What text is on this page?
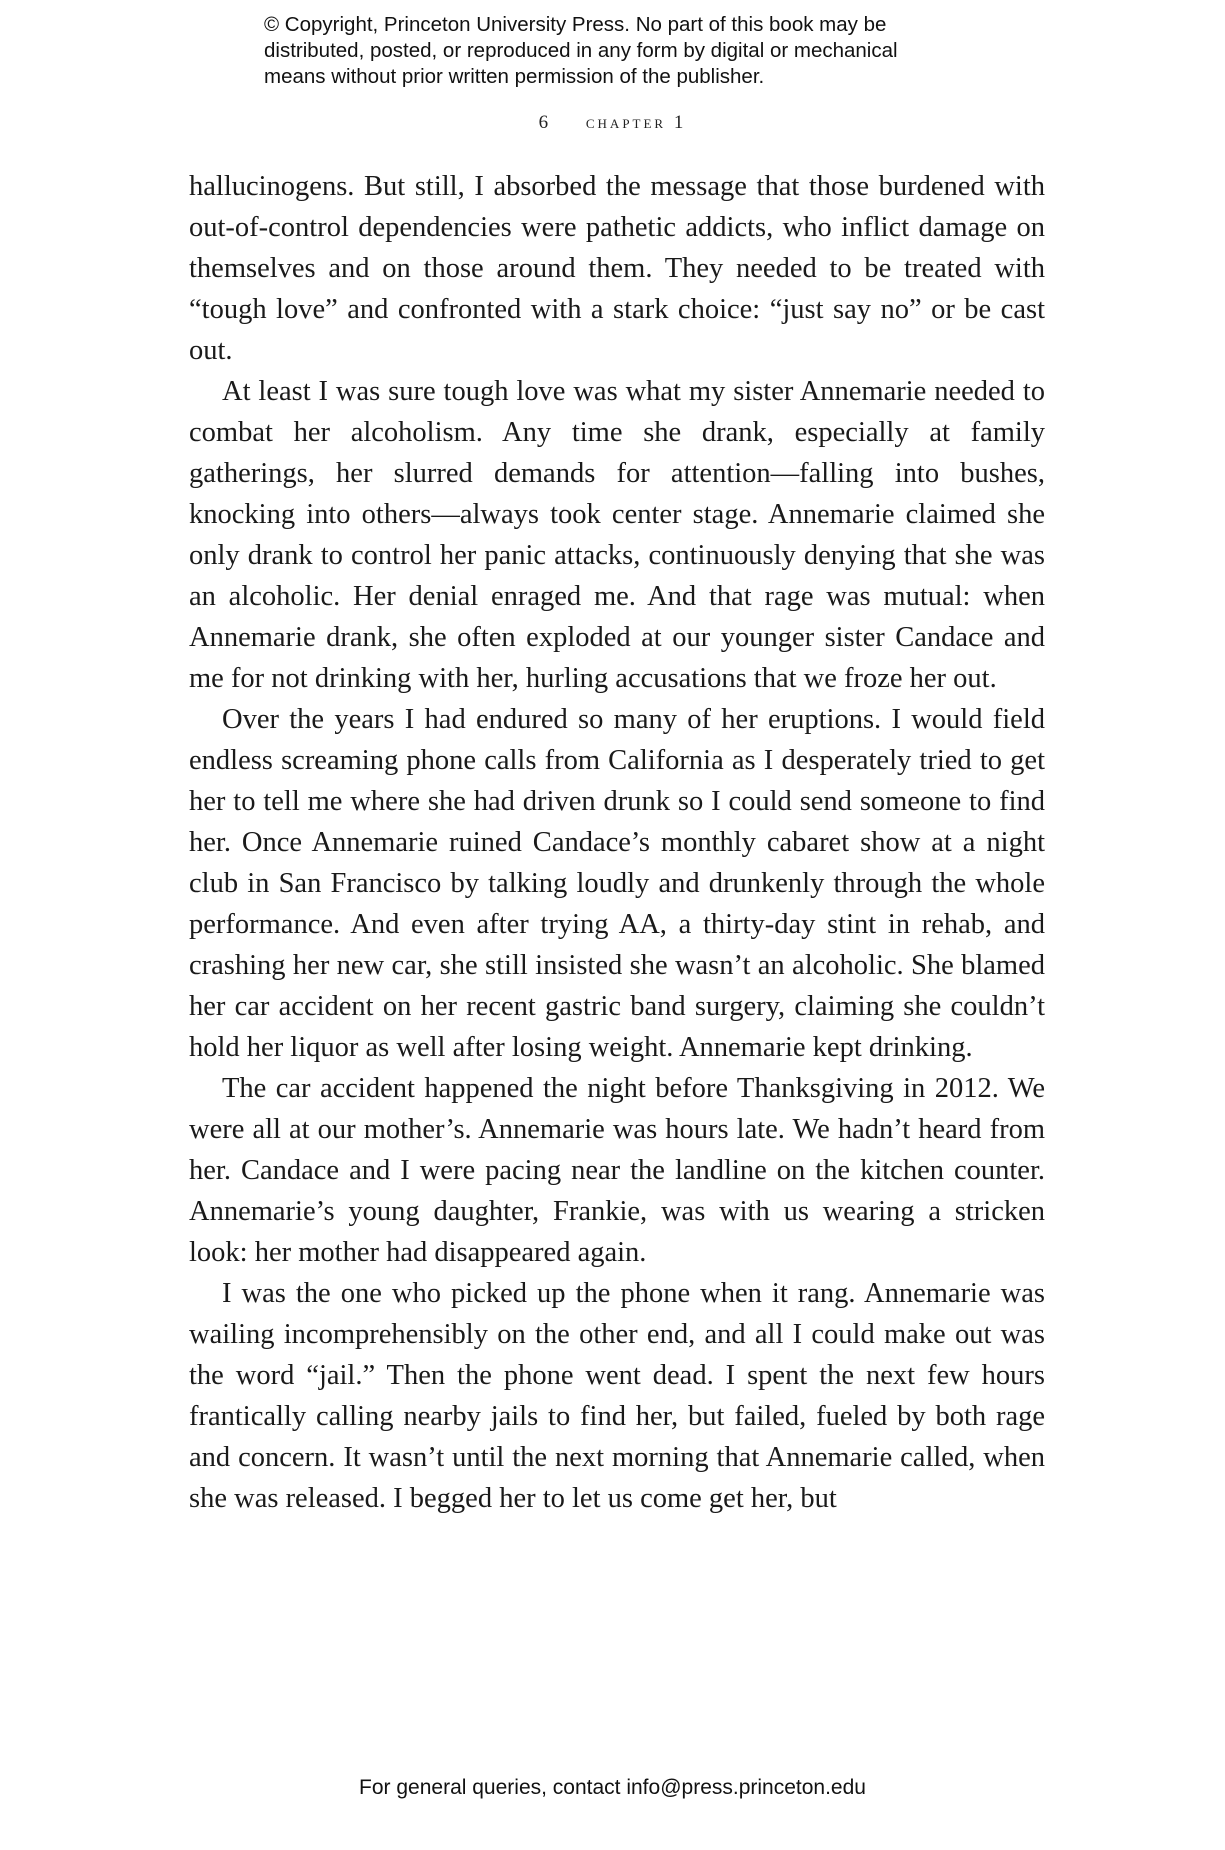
© Copyright, Princeton University Press. No part of this book may be

distributed, posted, or reproduced in any form by digital or mechanical

means without prior written permission of the publisher.

6 chapter 1

hallucinogens. But still, I absorbed the message that those burdened with out-of-control dependencies were pathetic addicts, who inflict damage on themselves and on those around them. They needed to be treated with “tough love” and confronted with a stark choice: “just say no” or be cast out.

At least I was sure tough love was what my sister Annemarie needed to combat her alcoholism. Any time she drank, especially at family gatherings, her slurred demands for attention—falling into bushes, knocking into others—always took center stage. Annemarie claimed she only drank to control her panic attacks, continuously denying that she was an alcoholic. Her denial enraged me. And that rage was mutual: when Annemarie drank, she often exploded at our younger sister Candace and me for not drinking with her, hurling accusations that we froze her out.

Over the years I had endured so many of her eruptions. I would field endless screaming phone calls from California as I desperately tried to get her to tell me where she had driven drunk so I could send someone to find her. Once Annemarie ruined Candace’s monthly cabaret show at a night club in San Francisco by talking loudly and drunkenly through the whole performance. And even after trying AA, a thirty-day stint in rehab, and crashing her new car, she still insisted she wasn’t an alcoholic. She blamed her car accident on her recent gastric band surgery, claiming she couldn’t hold her liquor as well after losing weight. Annemarie kept drinking.

The car accident happened the night before Thanksgiving in 2012. We were all at our mother’s. Annemarie was hours late. We hadn’t heard from her. Candace and I were pacing near the landline on the kitchen counter. Annemarie’s young daughter, Frankie, was with us wearing a stricken look: her mother had disappeared again.

I was the one who picked up the phone when it rang. Annemarie was wailing incomprehensibly on the other end, and all I could make out was the word “jail.” Then the phone went dead. I spent the next few hours frantically calling nearby jails to find her, but failed, fueled by both rage and concern. It wasn’t until the next morning that Annemarie called, when she was released. I begged her to let us come get her, but

For general queries, contact info@press.princeton.edu
